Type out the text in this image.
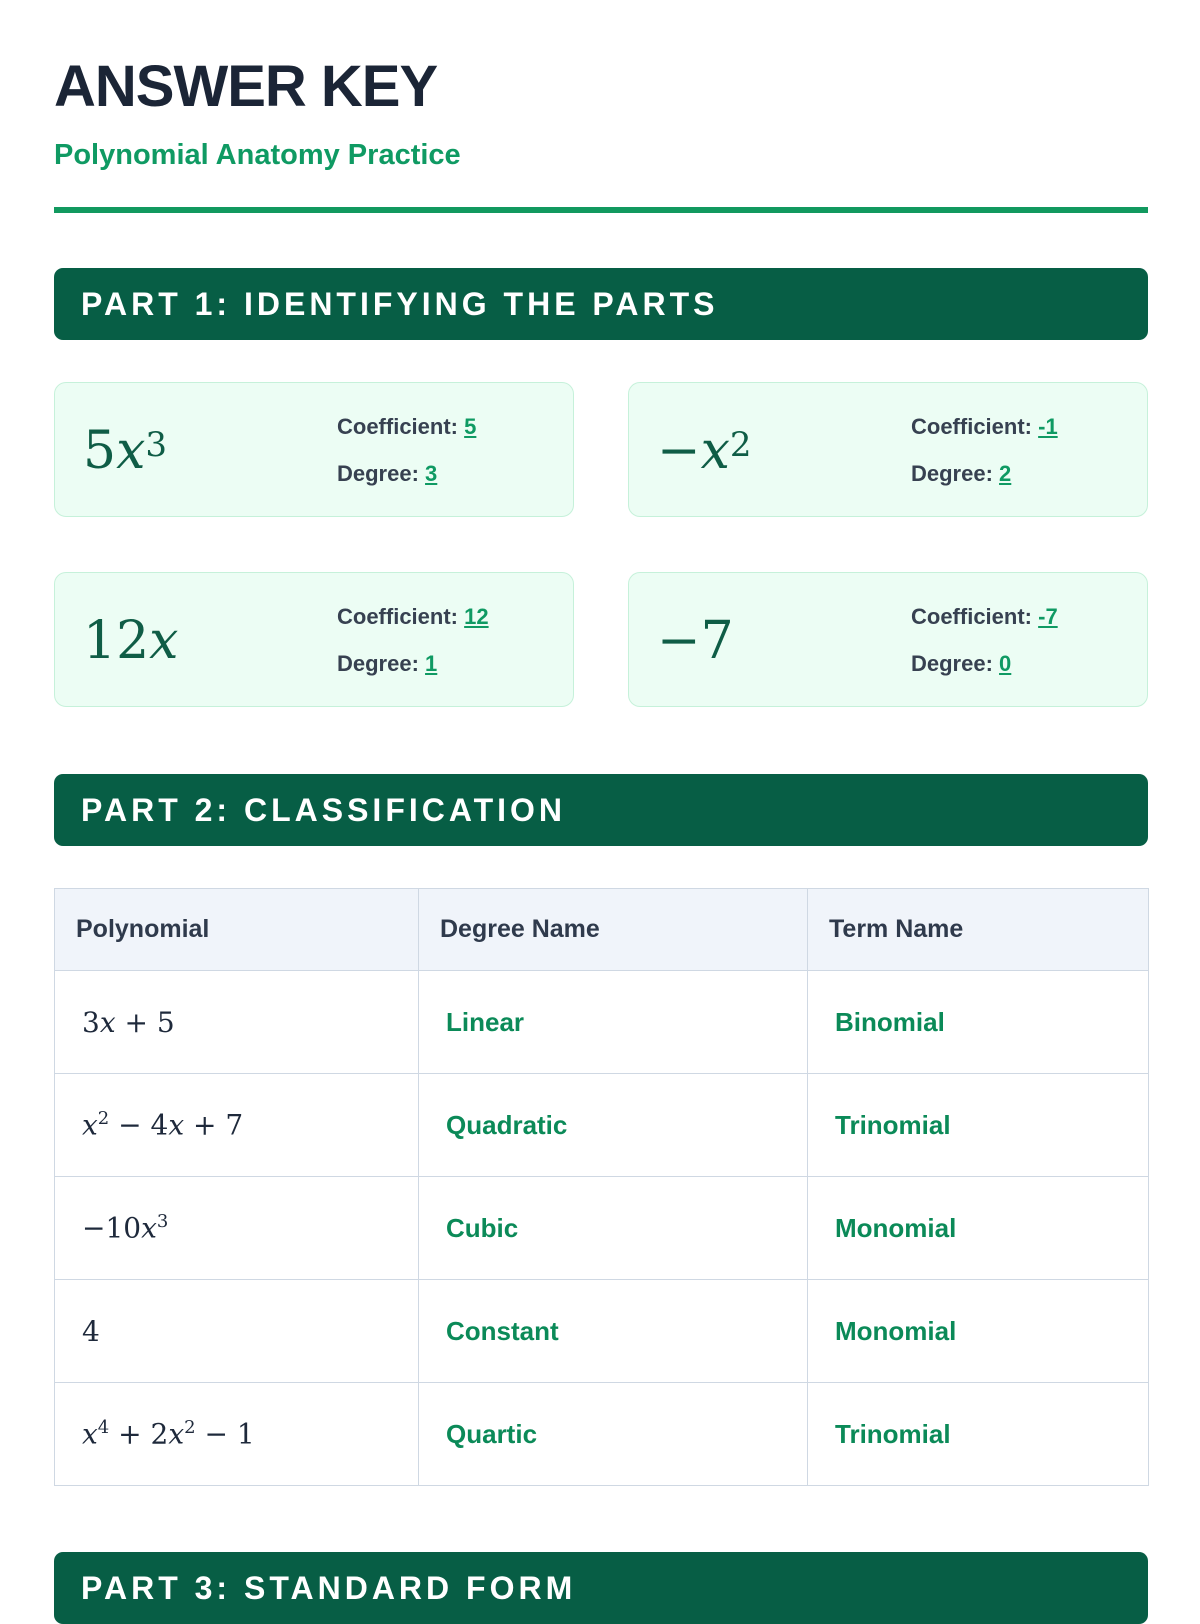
ANSWER KEY
Polynomial Anatomy Practice
PART 1: IDENTIFYING THE PARTS
5 $x^3$	Coefficient: 5
Degree: 3	− $x^2$	Coefficient: -1
Degree: 2
12 x	Coefficient: 12
Degree: 1	−7	Coefficient: -7
Degree: 0
PART 2: CLASSIFICATION
Polynomial	Degree Name	Term Name
3x + 5	Linear	Binomial
$x^2 - 4x + 7$	Quadratic	Trinomial
$-10x^3$	Cubic	Monomial
4	Constant	Monomial
$x^4 + 2x^2 - 1$	Quartic	Trinomial
PART 3: STANDARD FORM
